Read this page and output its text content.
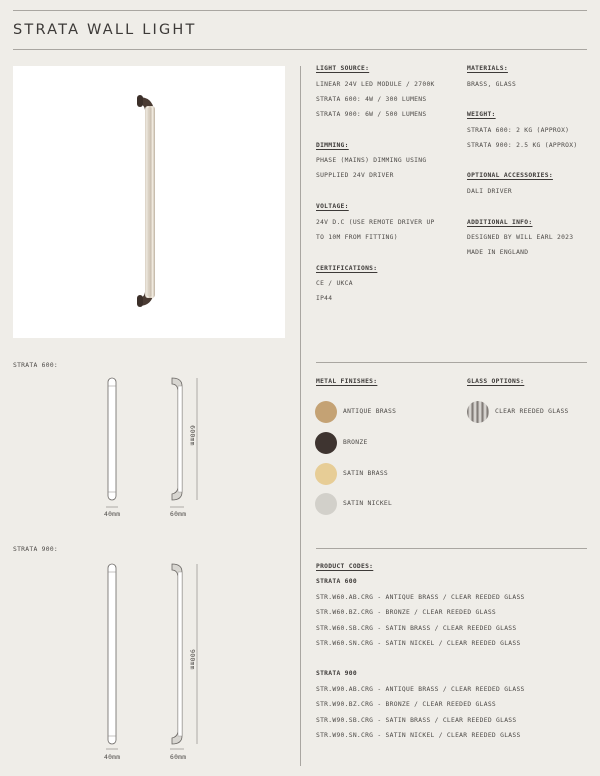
STRATA WALL LIGHT
STRATA 600:
STRATA 900:
40mm	60mm
600mm
40mm	60mm
900mm
LIGHT SOURCE:
LINEAR 24V LED MODULE / 2700K
STRATA 600: 4W / 300 LUMENS
STRATA 900: 6W / 500 LUMENS
DIMMING:
PHASE (MAINS) DIMMING USING
SUPPLIED 24V DRIVER
VOLTAGE:
24V D.C (USE REMOTE DRIVER UP
TO 10M FROM FITTING)
CERTIFICATIONS:
CE / UKCA
IP44
MATERIALS:
BRASS, GLASS
WEIGHT:
STRATA 600: 2 KG (APPROX)
STRATA 900: 2.5 KG (APPROX)
OPTIONAL ACCESSORIES:
DALI DRIVER
ADDITIONAL INFO:
DESIGNED BY WILL EARL 2023
MADE IN ENGLAND
METAL FINISHES:
ANTIQUE BRASS
BRONZE
SATIN BRASS
SATIN NICKEL
GLASS OPTIONS:
CLEAR REEDED GLASS
PRODUCT CODES:
STRATA 600
STR.W60.AB.CRG - ANTIQUE BRASS / CLEAR REEDED GLASS
STR.W60.BZ.CRG - BRONZE / CLEAR REEDED GLASS
STR.W60.SB.CRG - SATIN BRASS / CLEAR REEDED GLASS
STR.W60.SN.CRG - SATIN NICKEL / CLEAR REEDED GLASS
STRATA 900
STR.W90.AB.CRG - ANTIQUE BRASS / CLEAR REEDED GLASS
STR.W90.BZ.CRG - BRONZE / CLEAR REEDED GLASS
STR.W90.SB.CRG - SATIN BRASS / CLEAR REEDED GLASS
STR.W90.SN.CRG - SATIN NICKEL / CLEAR REEDED GLASS
